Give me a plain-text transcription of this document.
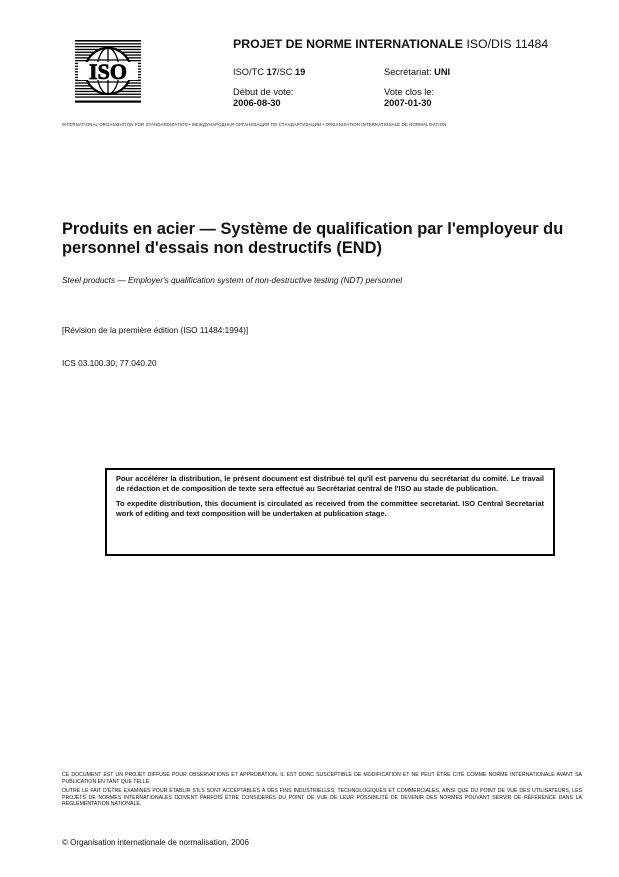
ISO
PROJET DE NORME INTERNATIONALE ISO/DIS 11484
ISO/TC 17/SC 19	Secrétariat: UNI
Début de vote:
2006-08-30
Vote clos le:
2007-01-30
INTERNATIONAL ORGANIZATION FOR STANDARDIZATION • МЕЖДУНАРОДНАЯ ОРГАНИЗАЦИЯ ПО СТАНДАРТИЗАЦИИ • ORGANISATION INTERNATIONALE DE NORMALISATION
Produits en acier — Système de qualification par l'employeur du personnel d'essais non destructifs (END)
Steel products — Employer's qualification system of non-destructive testing (NDT) personnel
[Révision de la première édition (ISO 11484:1994)]
ICS 03.100.30; 77.040.20

Pour accélérer la distribution, le présent document est distribué tel qu'il est parvenu du secrétariat du comité. Le travail de rédaction et de composition de texte sera effectué au Secrétariat central de l'ISO au stade de publication.

To expedite distribution, this document is circulated as received from the committee secretariat. ISO Central Secretariat work of editing and text composition will be undertaken at publication stage.

CE DOCUMENT EST UN PROJET DIFFUSÉ POUR OBSERVATIONS ET APPROBATION. IL EST DONC SUSCEPTIBLE DE MODIFICATION ET NE PEUT ÊTRE CITÉ COMME NORME INTERNATIONALE AVANT SA PUBLICATION EN TANT QUE TELLE.
OUTRE LE FAIT D'ÊTRE EXAMINÉS POUR ÉTABLIR S'ILS SONT ACCEPTABLES À DES FINS INDUSTRIELLES, TECHNOLOGIQUES ET COMMERCIALES, AINSI QUE DU POINT DE VUE DES UTILISATEURS, LES PROJETS DE NORMES INTERNATIONALES DOIVENT PARFOIS ÊTRE CONSIDÉRÉS DU POINT DE VUE DE LEUR POSSIBILITÉ DE DEVENIR DES NORMES POUVANT SERVIR DE RÉFÉRENCE DANS LA RÉGLEMENTATION NATIONALE.
© Organisation internationale de normalisation, 2006
